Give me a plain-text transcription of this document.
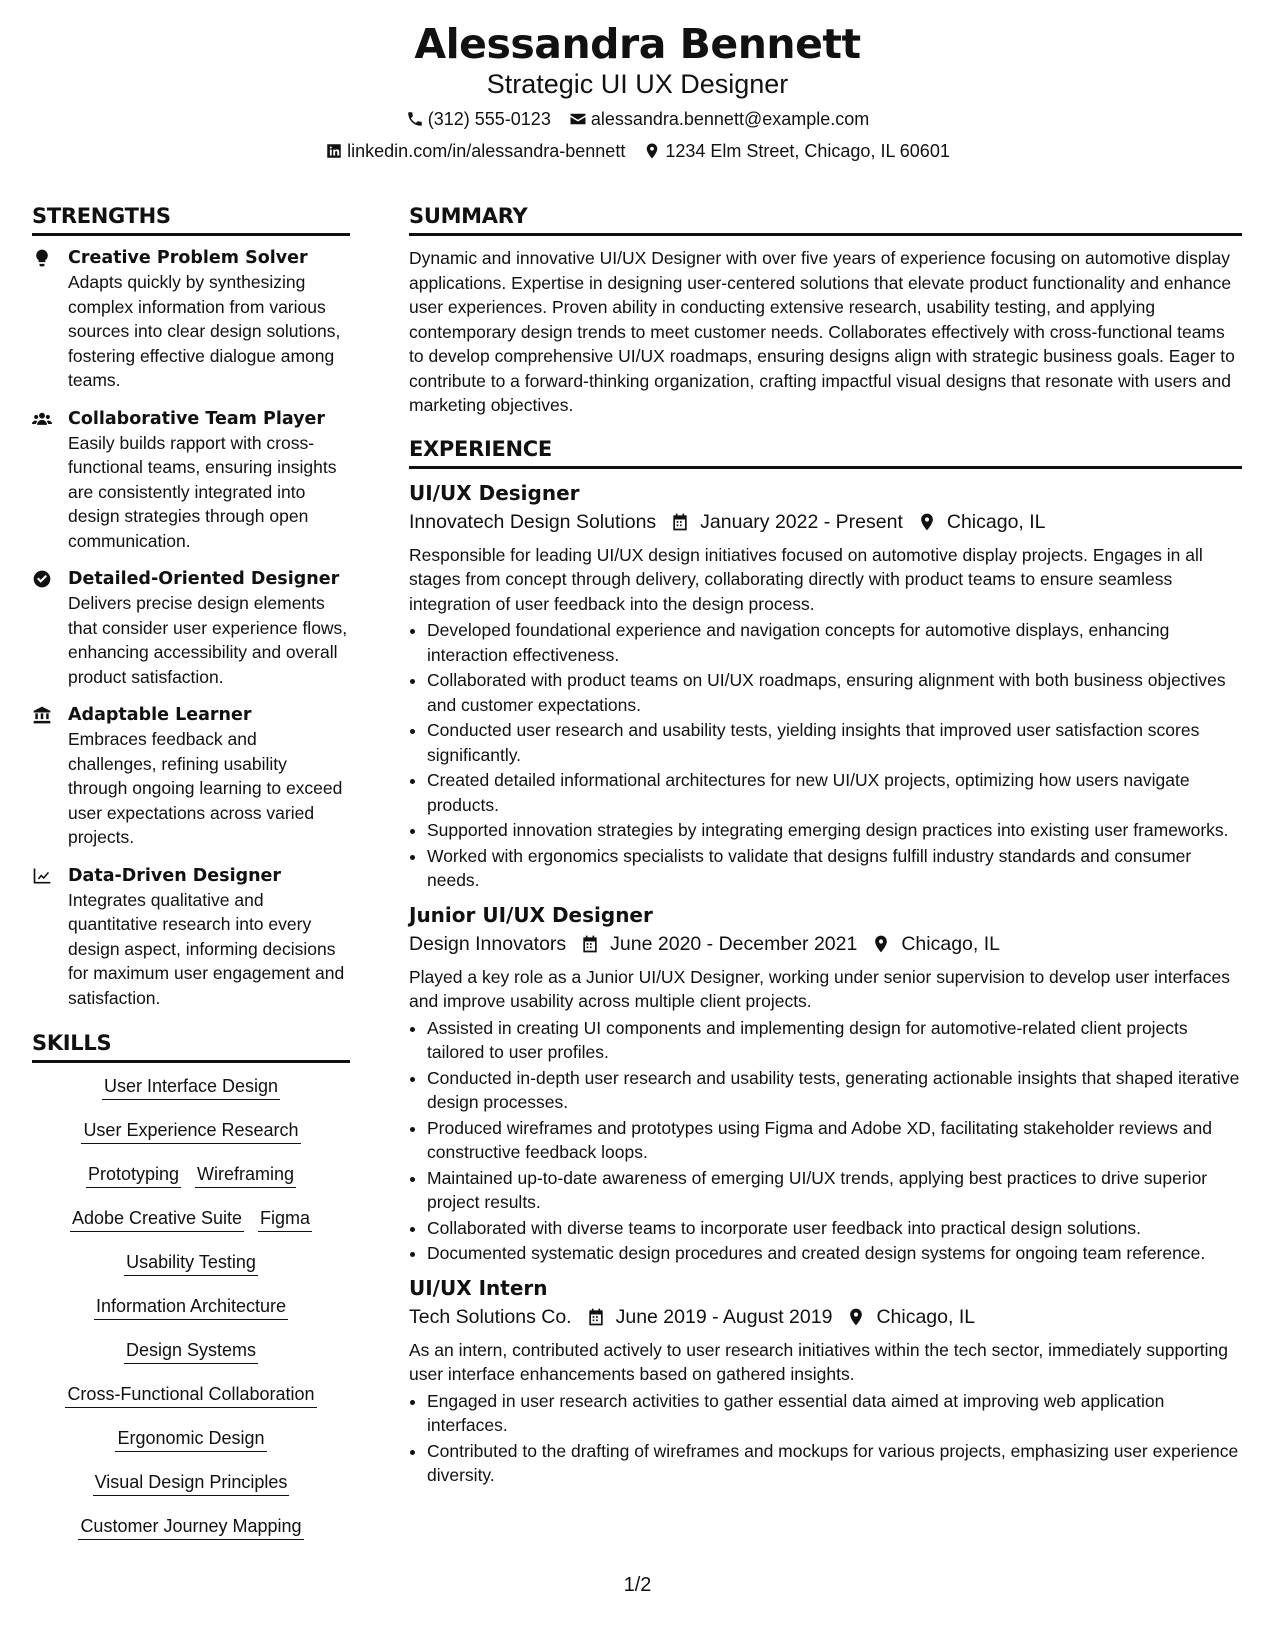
Alessandra Bennett
Strategic UI UX Designer
(312) 555-0123 alessandra.bennett@example.com
linkedin.com/in/alessandra-bennett 1234 Elm Street, Chicago, IL 60601
STRENGTHS
Creative Problem Solver
Adapts quickly by synthesizing complex information from various sources into clear design solutions, fostering effective dialogue among teams.
Collaborative Team Player
Easily builds rapport with cross-functional teams, ensuring insights are consistently integrated into design strategies through open communication.
Detailed-Oriented Designer
Delivers precise design elements that consider user experience flows, enhancing accessibility and overall product satisfaction.
Adaptable Learner
Embraces feedback and challenges, refining usability through ongoing learning to exceed user expectations across varied projects.
Data-Driven Designer
Integrates qualitative and quantitative research into every design aspect, informing decisions for maximum user engagement and satisfaction.
SKILLS
User Interface Design
User Experience Research
Prototyping Wireframing
Adobe Creative Suite Figma
Usability Testing
Information Architecture
Design Systems
Cross-Functional Collaboration
Ergonomic Design
Visual Design Principles
Customer Journey Mapping
SUMMARY

Dynamic and innovative UI/UX Designer with over five years of experience focusing on automotive display applications. Expertise in designing user-centered solutions that elevate product functionality and enhance user experiences. Proven ability in conducting extensive research, usability testing, and applying contemporary design trends to meet customer needs. Collaborates effectively with cross-functional teams to develop comprehensive UI/UX roadmaps, ensuring designs align with strategic business goals. Eager to contribute to a forward-thinking organization, crafting impactful visual designs that resonate with users and marketing objectives.

EXPERIENCE
UI/UX Designer
Innovatech Design Solutions January 2022 - Present Chicago, IL

Responsible for leading UI/UX design initiatives focused on automotive display projects. Engages in all stages from concept through delivery, collaborating directly with product teams to ensure seamless integration of user feedback into the design process.

• Developed foundational experience and navigation concepts for automotive displays, enhancing interaction effectiveness.
• Collaborated with product teams on UI/UX roadmaps, ensuring alignment with both business objectives and customer expectations.
• Conducted user research and usability tests, yielding insights that improved user satisfaction scores significantly.
• Created detailed informational architectures for new UI/UX projects, optimizing how users navigate products.
• Supported innovation strategies by integrating emerging design practices into existing user frameworks.
• Worked with ergonomics specialists to validate that designs fulfill industry standards and consumer needs.
Junior UI/UX Designer
Design Innovators June 2020 - December 2021 Chicago, IL

Played a key role as a Junior UI/UX Designer, working under senior supervision to develop user interfaces and improve usability across multiple client projects.

• Assisted in creating UI components and implementing design for automotive-related client projects tailored to user profiles.
• Conducted in-depth user research and usability tests, generating actionable insights that shaped iterative design processes.
• Produced wireframes and prototypes using Figma and Adobe XD, facilitating stakeholder reviews and constructive feedback loops.
• Maintained up-to-date awareness of emerging UI/UX trends, applying best practices to drive superior project results.
• Collaborated with diverse teams to incorporate user feedback into practical design solutions.
• Documented systematic design procedures and created design systems for ongoing team reference.
UI/UX Intern
Tech Solutions Co. June 2019 - August 2019 Chicago, IL

As an intern, contributed actively to user research initiatives within the tech sector, immediately supporting user interface enhancements based on gathered insights.

• Engaged in user research activities to gather essential data aimed at improving web application interfaces.
• Contributed to the drafting of wireframes and mockups for various projects, emphasizing user experience diversity.
1/2
